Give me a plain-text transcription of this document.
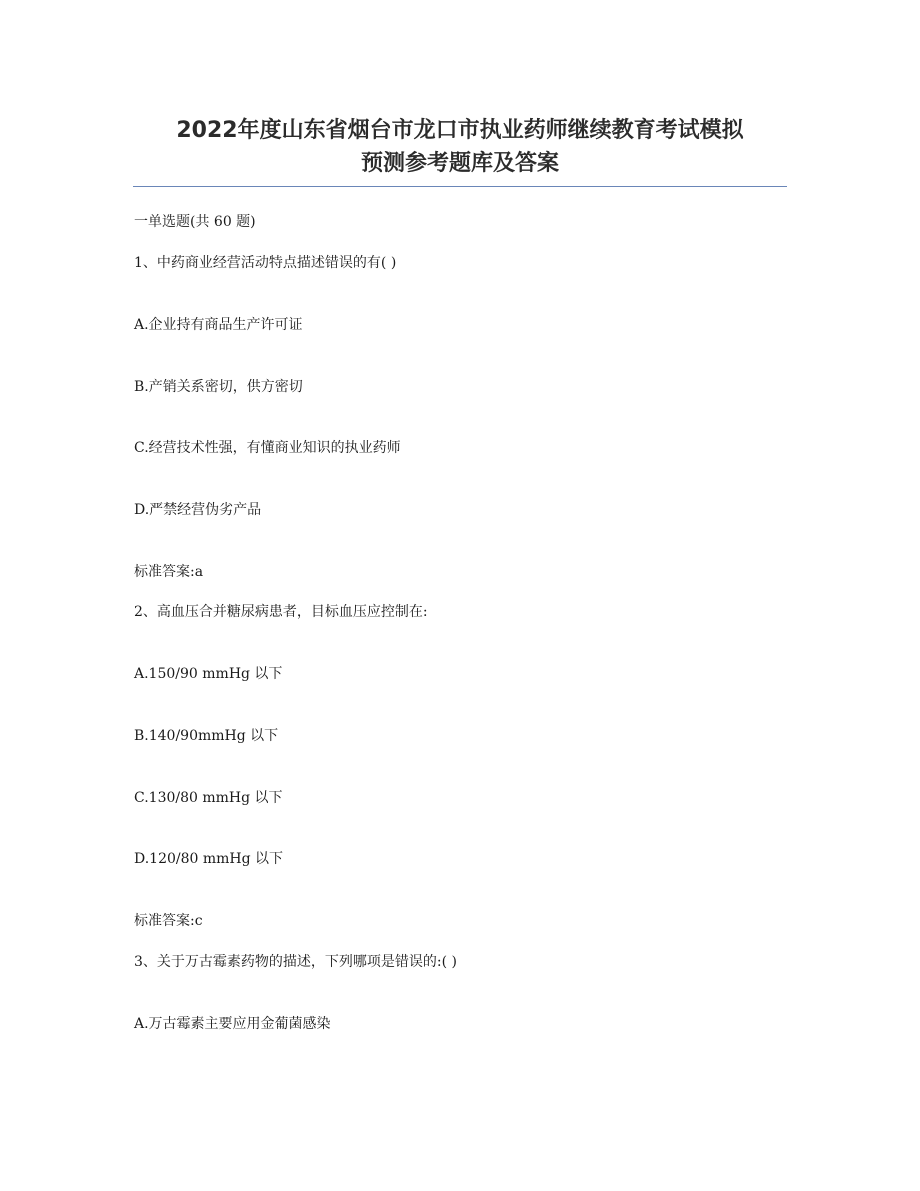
2022年度山东省烟台市龙口市执业药师继续教育考试模拟
预测参考题库及答案
一单选题(共 60 题)
1、中药商业经营活动特点描述错误的有( )
A.企业持有商品生产许可证
B.产销关系密切，供方密切
C.经营技术性强，有懂商业知识的执业药师
D.严禁经营伪劣产品
标准答案:a
2、高血压合并糖尿病患者，目标血压应控制在:
A.150/90 mmHg 以下
B.140/90mmHg 以下
C.130/80 mmHg 以下
D.120/80 mmHg 以下
标准答案:c
3、关于万古霉素药物的描述，下列哪项是错误的:( )
A.万古霉素主要应用金葡菌感染
